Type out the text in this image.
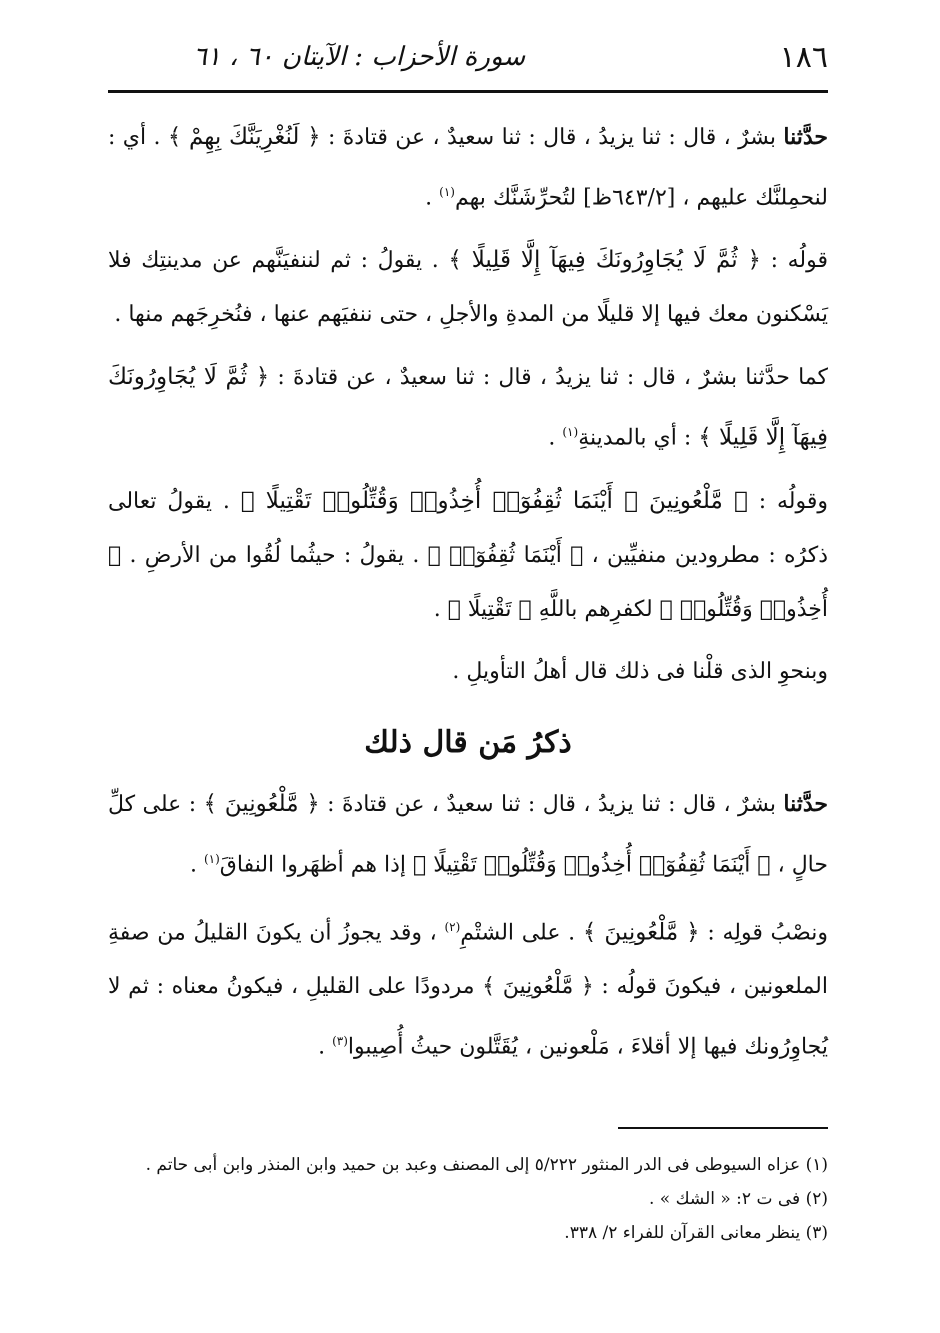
١٨٦
سورة الأحزاب : الآيتان ٦٠ ، ٦١

حدَّثنا بشرٌ ، قال : ثنا يزيدُ ، قال : ثنا سعيدٌ ، عن قتادةَ : ﴿ لَنُغْرِيَنَّكَ بِهِمْ ﴾ . أي : لنحمِلنَّك عليهم ، [٦٤٣/٢ظ] لتُحرِّشَنَّك بهم$^{(١)}$ .

قولُه : ﴿ ثُمَّ لَا يُجَاوِرُونَكَ فِيهَآ إِلَّا قَلِيلًا ﴾ . يقولُ : ثم لننفيَنَّهم عن مدينتِك فلا يَسْكنون معك فيها إلا قليلًا من المدةِ والأجلِ ، حتى ننفيَهم عنها ، فنُخرِجَهم منها .

كما حدَّثنا بشرٌ ، قال : ثنا يزيدُ ، قال : ثنا سعيدٌ ، عن قتادةَ : ﴿ ثُمَّ لَا يُجَاوِرُونَكَ فِيهَآ إِلَّا قَلِيلًا ﴾ : أي بالمدينةِ$^{(١)}$ .

وقولُه : ﴿ مَّلْعُونِينَ ۖ أَيْنَمَا ثُقِفُوٓا۟ أُخِذُوا۟ وَقُتِّلُوا۟ تَقْتِيلًا ﴾ . يقولُ تعالى ذكرُه : مطرودين منفيِّين ، ﴿ أَيْنَمَا ثُقِفُوٓا۟ ﴾ . يقولُ : حيثُما لُقُوا من الأرضِ . ﴿ أُخِذُوا۟ وَقُتِّلُوا۟ ﴾ لكفرِهم باللَّهِ ﴿ تَقْتِيلًا ﴾ .

وبنحوِ الذى قلْنا فى ذلك قال أهلُ التأويلِ .

ذكرُ مَن قال ذلك

حدَّثنا بشرٌ ، قال : ثنا يزيدُ ، قال : ثنا سعيدٌ ، عن قتادةَ : ﴿ مَّلْعُونِينَ ﴾ : على كلِّ حالٍ ، ﴿ أَيْنَمَا ثُقِفُوٓا۟ أُخِذُوا۟ وَقُتِّلُوا۟ تَقْتِيلًا ﴾ إذا هم أظهَروا النفاقَ$^{(١)}$ .

ونصْبُ قولِه : ﴿ مَّلْعُونِينَ ﴾ . على الشتْمِ$^{(٢)}$ ، وقد يجوزُ أن يكونَ القليلُ من صفةِ الملعونين ، فيكونَ قولُه : ﴿ مَّلْعُونِينَ ﴾ مردودًا على القليلِ ، فيكونُ معناه : ثم لا يُجاوِرُونك فيها إلا أقلاءَ ، مَلْعونين ، يُقَتَّلون حيثُ أُصِيبوا$^{(٣)}$ .

(١) عزاه السيوطى فى الدر المنثور ٥/٢٢٢ إلى المصنف وعبد بن حميد وابن المنذر وابن أبى حاتم .

(٢) فى ت ٢: « الشك » .

(٣) ينظر معانى القرآن للفراء ٢/ ٣٣٨.
